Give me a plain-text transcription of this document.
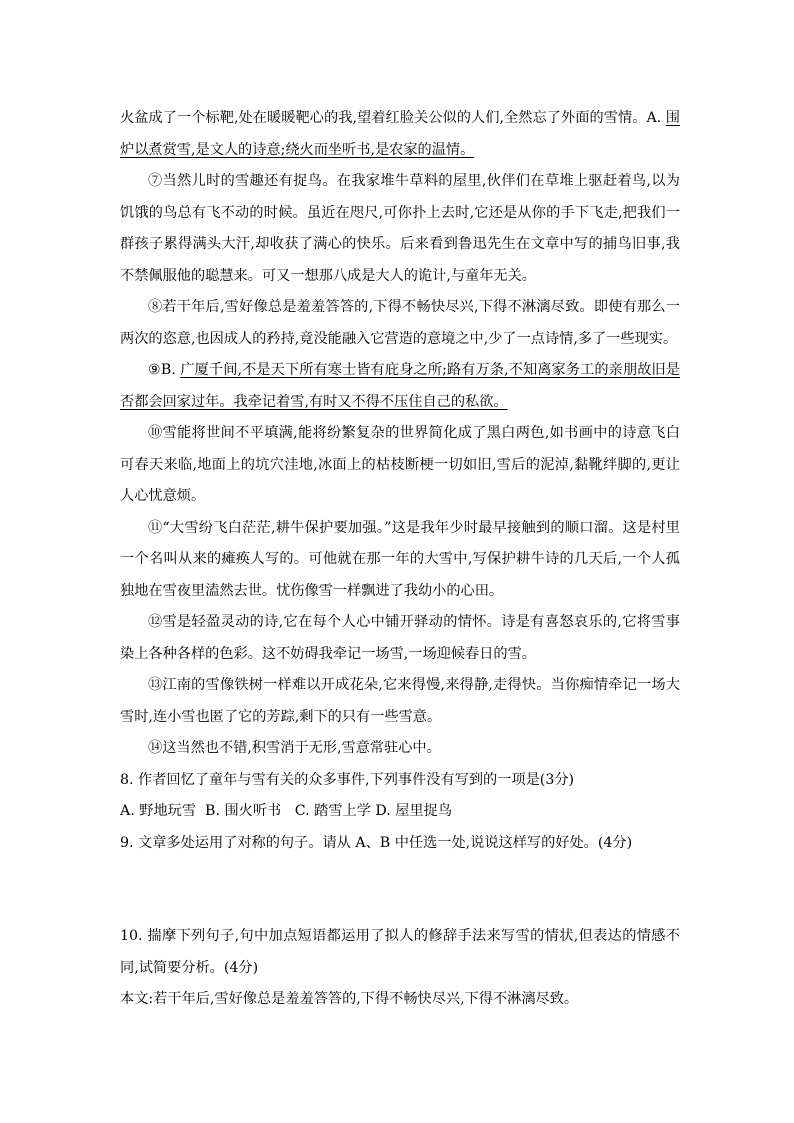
火盆成了一个标靶,处在暖暖靶心的我,望着红脸关公似的人们,全然忘了外面的雪情。A. 围炉以煮赏雪,是文人的诗意;绕火而坐听书,是农家的温情。

⑦当然儿时的雪趣还有捉鸟。在我家堆牛草料的屋里,伙伴们在草堆上驱赶着鸟,以为饥饿的鸟总有飞不动的时候。虽近在咫尺,可你扑上去时,它还是从你的手下飞走,把我们一群孩子累得满头大汗,却收获了满心的快乐。后来看到鲁迅先生在文章中写的捕鸟旧事,我不禁佩服他的聪慧来。可又一想那八成是大人的诡计,与童年无关。

⑧若干年后,雪好像总是羞羞答答的,下得不畅快尽兴,下得不淋漓尽致。即使有那么一两次的恣意,也因成人的矜持,竟没能融入它营造的意境之中,少了一点诗情,多了一些现实。

⑨B. 广厦千间,不是天下所有寒士皆有庇身之所;路有万条,不知离家务工的亲朋故旧是否都会回家过年。我牵记着雪,有时又不得不压住自己的私欲。

⑩雪能将世间不平填满,能将纷繁复杂的世界简化成了黑白两色,如书画中的诗意飞白可春天来临,地面上的坑穴洼地,冰面上的枯枝断梗一切如旧,雪后的泥淖,黏靴绊脚的,更让人心忧意烦。

⑪“大雪纷飞白茫茫,耕牛保护要加强。”这是我年少时最早接触到的顺口溜。这是村里一个名叫从来的瘫痪人写的。可他就在那一年的大雪中,写保护耕牛诗的几天后,一个人孤独地在雪夜里溘然去世。忧伤像雪一样飘进了我幼小的心田。

⑫雪是轻盈灵动的诗,它在每个人心中铺开驿动的情怀。诗是有喜怒哀乐的,它将雪事染上各种各样的色彩。这不妨碍我牵记一场雪,一场迎候春日的雪。

⑬江南的雪像铁树一样难以开成花朵,它来得慢,来得静,走得快。当你痴情牵记一场大雪时,连小雪也匿了它的芳踪,剩下的只有一些雪意。

⑭这当然也不错,积雪消于无形,雪意常驻心中。

8. 作者回忆了童年与雪有关的众多事件,下列事件没有写到的一项是(3分)

A. 野地玩雪  B. 围火听书   C. 踏雪上学 D. 屋里捉鸟

9. 文章多处运用了对称的句子。请从 A、B 中任选一处,说说这样写的好处。(4分)

10. 揣摩下列句子,句中加点短语都运用了拟人的修辞手法来写雪的情状,但表达的情感不同,试简要分析。(4分)

本文:若干年后,雪好像总是羞羞答答的,下得不畅快尽兴,下得不淋漓尽致。
